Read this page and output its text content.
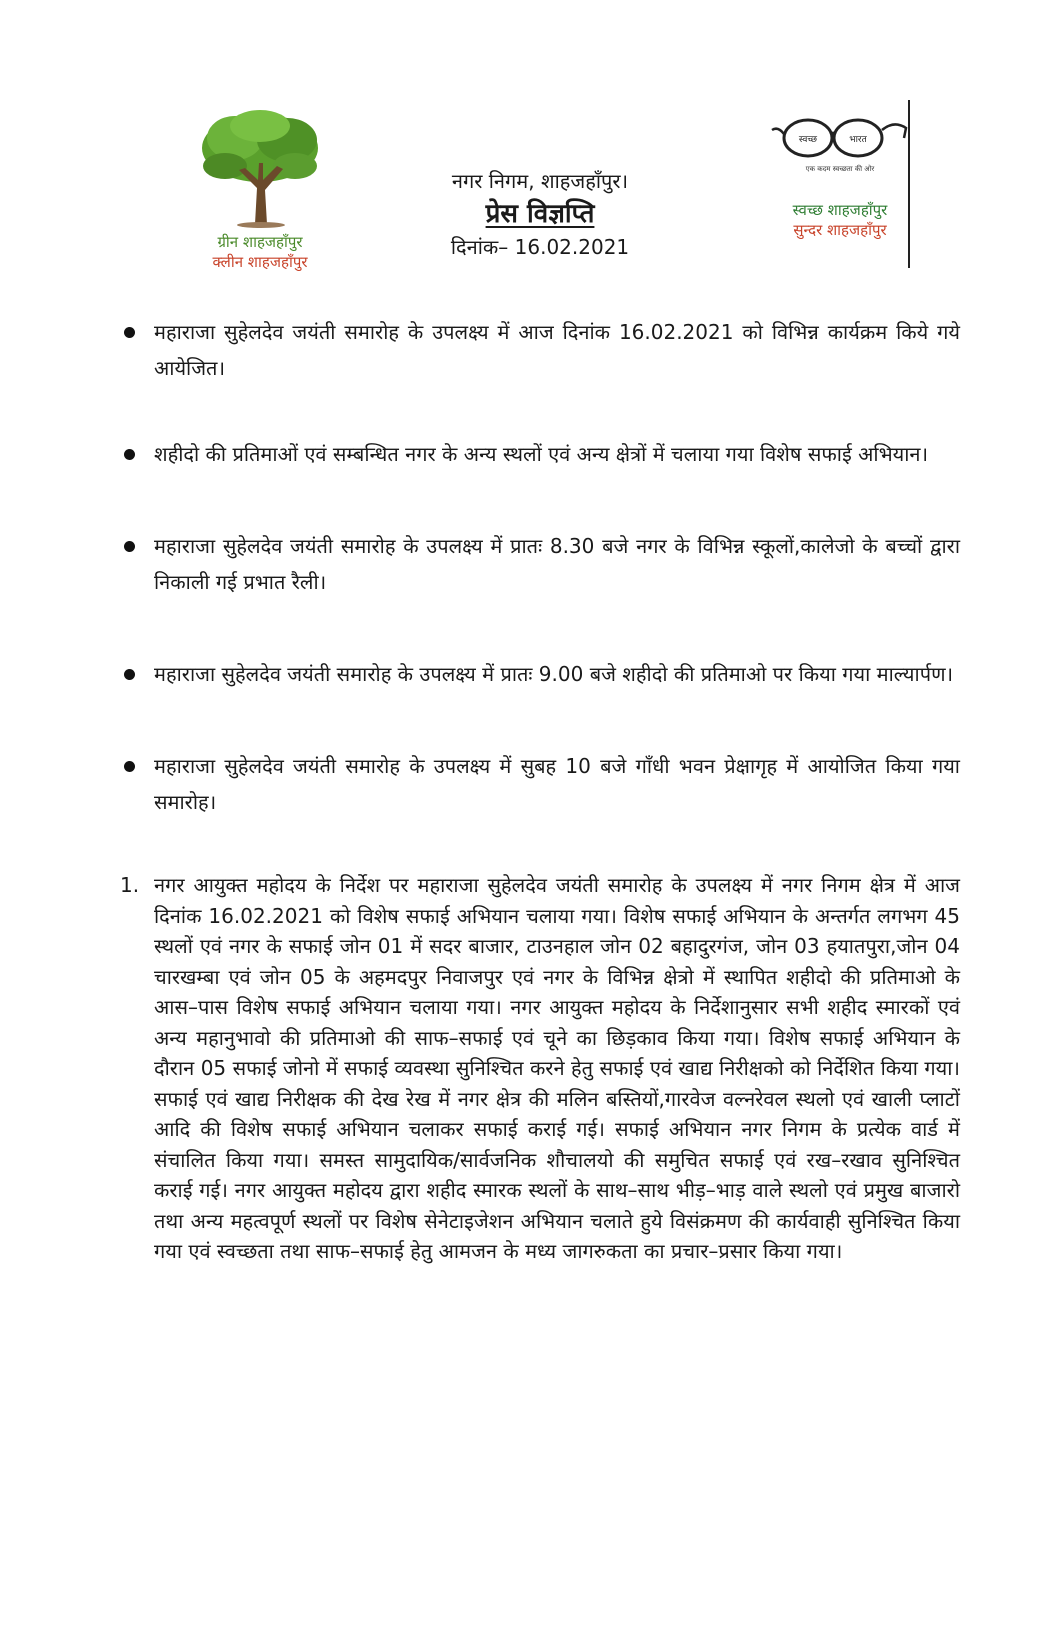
ग्रीन शाहजहाँपुर
क्लीन शाहजहाँपुर
नगर निगम, शाहजहाँपुर।
प्रेस विज्ञप्ति
दिनांक– 16.02.2021
स्वच्छ	भारत
एक कदम स्वच्छता की ओर
स्वच्छ शाहजहाँपुर
सुन्दर शाहजहाँपुर
महाराजा सुहेलदेव जयंती समारोह के उपलक्ष्य में आज दिनांक 16.02.2021 को विभिन्न कार्यक्रम किये गये आयेजित।
शहीदो की प्रतिमाओं एवं सम्बन्धित नगर के अन्य स्थलों एवं अन्य क्षेत्रों में चलाया गया विशेष सफाई अभियान।
महाराजा सुहेलदेव जयंती समारोह के उपलक्ष्य में प्रातः 8.30 बजे नगर के विभिन्न स्कूलों,कालेजो के बच्चों द्वारा निकाली गई प्रभात रैली।
महाराजा सुहेलदेव जयंती समारोह के उपलक्ष्य में प्रातः 9.00 बजे शहीदो की प्रतिमाओ पर किया गया माल्यार्पण।
महाराजा सुहेलदेव जयंती समारोह के उपलक्ष्य में सुबह 10 बजे गाँधी भवन प्रेक्षागृह में आयोजित किया गया समारोह।
1. नगर आयुक्त महोदय के निर्देश पर महाराजा सुहेलदेव जयंती समारोह के उपलक्ष्य में नगर निगम क्षेत्र में आज दिनांक 16.02.2021 को विशेष सफाई अभियान चलाया गया। विशेष सफाई अभियान के अन्तर्गत लगभग 45 स्थलों एवं नगर के सफाई जोन 01 में सदर बाजार, टाउनहाल जोन 02 बहादुरगंज, जोन 03 हयातपुरा,जोन 04 चारखम्बा एवं जोन 05 के अहमदपुर निवाजपुर एवं नगर के विभिन्न क्षेत्रो में स्थापित शहीदो की प्रतिमाओ के आस–पास विशेष सफाई अभियान चलाया गया। नगर आयुक्त महोदय के निर्देशानुसार सभी शहीद स्मारकों एवं अन्य महानुभावो की प्रतिमाओ की साफ–सफाई एवं चूने का छिड़काव किया गया। विशेष सफाई अभियान के दौरान 05 सफाई जोनो में सफाई व्यवस्था सुनिश्चित करने हेतु सफाई एवं खाद्य निरीक्षको को निर्देशित किया गया। सफाई एवं खाद्य निरीक्षक की देख रेख में नगर क्षेत्र की मलिन बस्तियों,गारवेज वल्नरेवल स्थलो एवं खाली प्लाटों आदि की विशेष सफाई अभियान चलाकर सफाई कराई गई। सफाई अभियान नगर निगम के प्रत्येक वार्ड में संचालित किया गया। समस्त सामुदायिक/सार्वजनिक शौचालयो की समुचित सफाई एवं रख–रखाव सुनिश्चित कराई गई। नगर आयुक्त महोदय द्वारा शहीद स्मारक स्थलों के साथ–साथ भीड़–भाड़ वाले स्थलो एवं प्रमुख बाजारो तथा अन्य महत्वपूर्ण स्थलों पर विशेष सेनेटाइजेशन अभियान चलाते हुये विसंक्रमण की कार्यवाही सुनिश्चित किया गया एवं स्वच्छता तथा साफ–सफाई हेतु आमजन के मध्य जागरुकता का प्रचार–प्रसार किया गया।
